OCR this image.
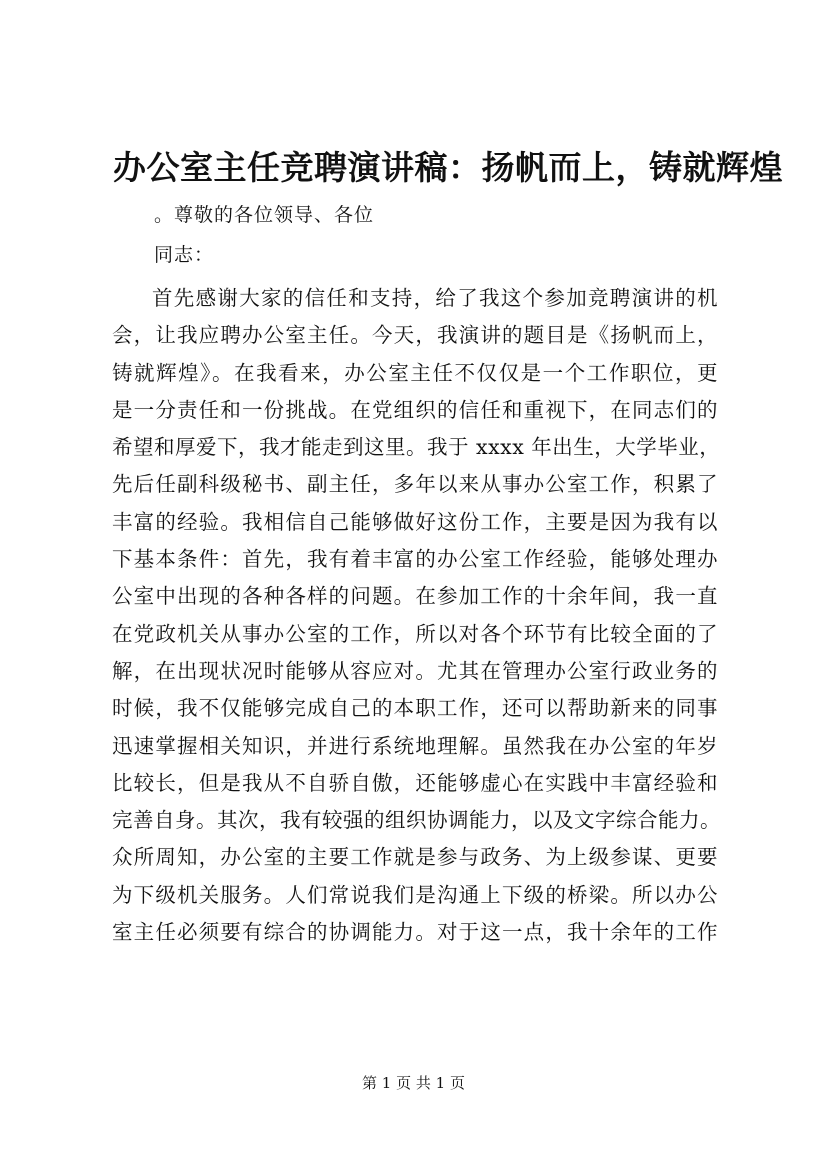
办公室主任竞聘演讲稿：扬帆而上，铸就辉煌
。尊敬的各位领导、各位
同志：
首先感谢大家的信任和支持，给了我这个参加竞聘演讲的机
会，让我应聘办公室主任。今天，我演讲的题目是《扬帆而上，
铸就辉煌》。在我看来，办公室主任不仅仅是一个工作职位，更
是一分责任和一份挑战。在党组织的信任和重视下，在同志们的
希望和厚爱下，我才能走到这里。我于 xxxx 年出生，大学毕业，
先后任副科级秘书、副主任，多年以来从事办公室工作，积累了
丰富的经验。我相信自己能够做好这份工作，主要是因为我有以
下基本条件：首先，我有着丰富的办公室工作经验，能够处理办
公室中出现的各种各样的问题。在参加工作的十余年间，我一直
在党政机关从事办公室的工作，所以对各个环节有比较全面的了
解，在出现状况时能够从容应对。尤其在管理办公室行政业务的
时候，我不仅能够完成自己的本职工作，还可以帮助新来的同事
迅速掌握相关知识，并进行系统地理解。虽然我在办公室的年岁
比较长，但是我从不自骄自傲，还能够虚心在实践中丰富经验和
完善自身。其次，我有较强的组织协调能力，以及文字综合能力。
众所周知，办公室的主要工作就是参与政务、为上级参谋、更要
为下级机关服务。人们常说我们是沟通上下级的桥梁。所以办公
室主任必须要有综合的协调能力。对于这一点，我十余年的工作
第 1 页 共 1 页
